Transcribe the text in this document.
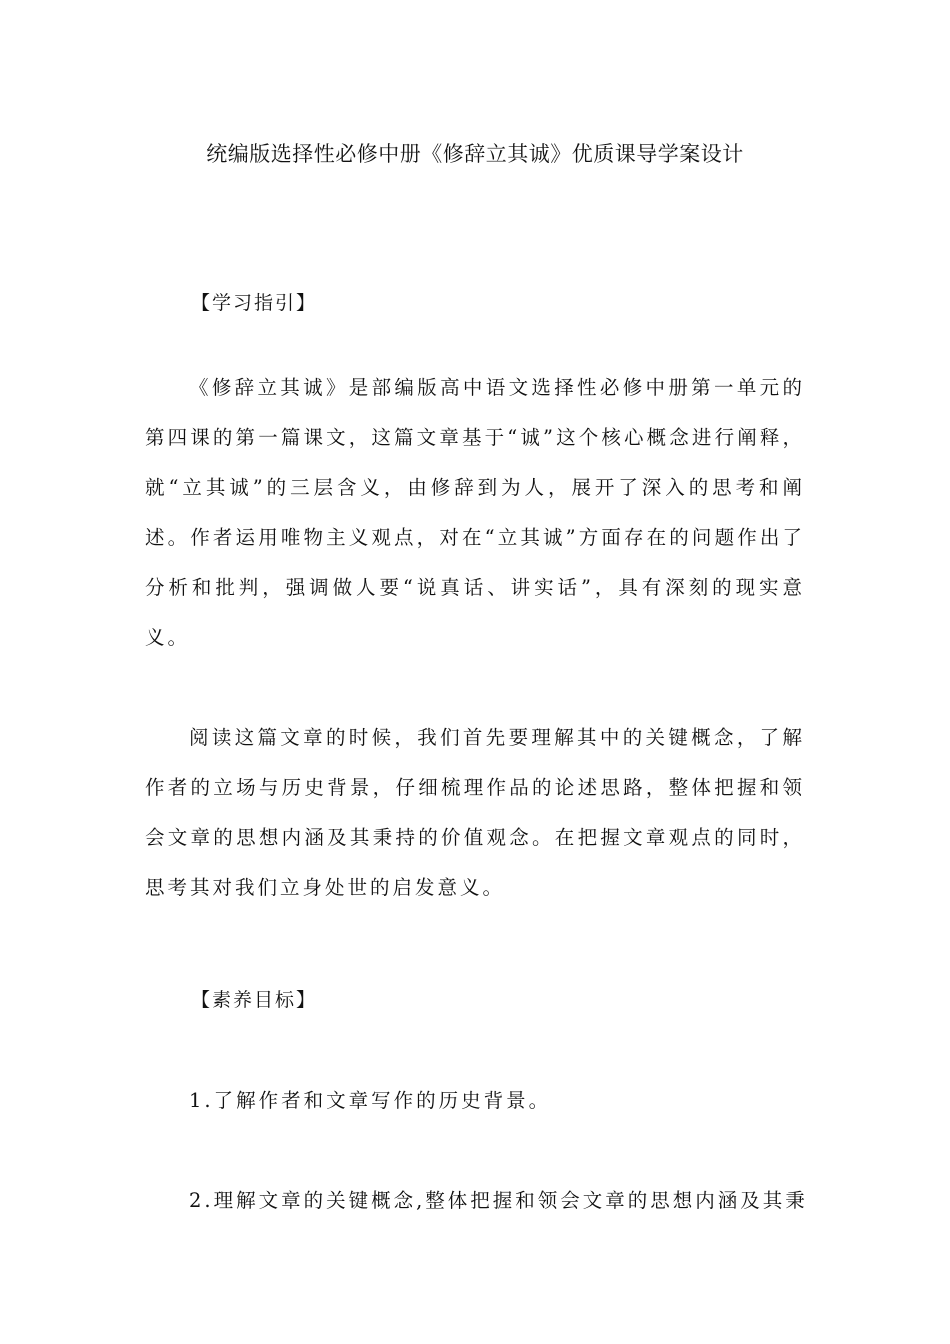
统编版选择性必修中册《修辞立其诚》优质课导学案设计
【学习指引】

《修辞立其诚》是部编版高中语文选择性必修中册第一单元的第四课的第一篇课文，这篇文章基于“诚”这个核心概念进行阐释，就“立其诚”的三层含义，由修辞到为人，展开了深入的思考和阐述。作者运用唯物主义观点，对在“立其诚”方面存在的问题作出了分析和批判，强调做人要“说真话、讲实话”，具有深刻的现实意义。

阅读这篇文章的时候，我们首先要理解其中的关键概念，了解作者的立场与历史背景，仔细梳理作品的论述思路，整体把握和领会文章的思想内涵及其秉持的价值观念。在把握文章观点的同时，思考其对我们立身处世的启发意义。

【素养目标】
1.了解作者和文章写作的历史背景。
2.理解文章的关键概念,整体把握和领会文章的思想内涵及其秉
